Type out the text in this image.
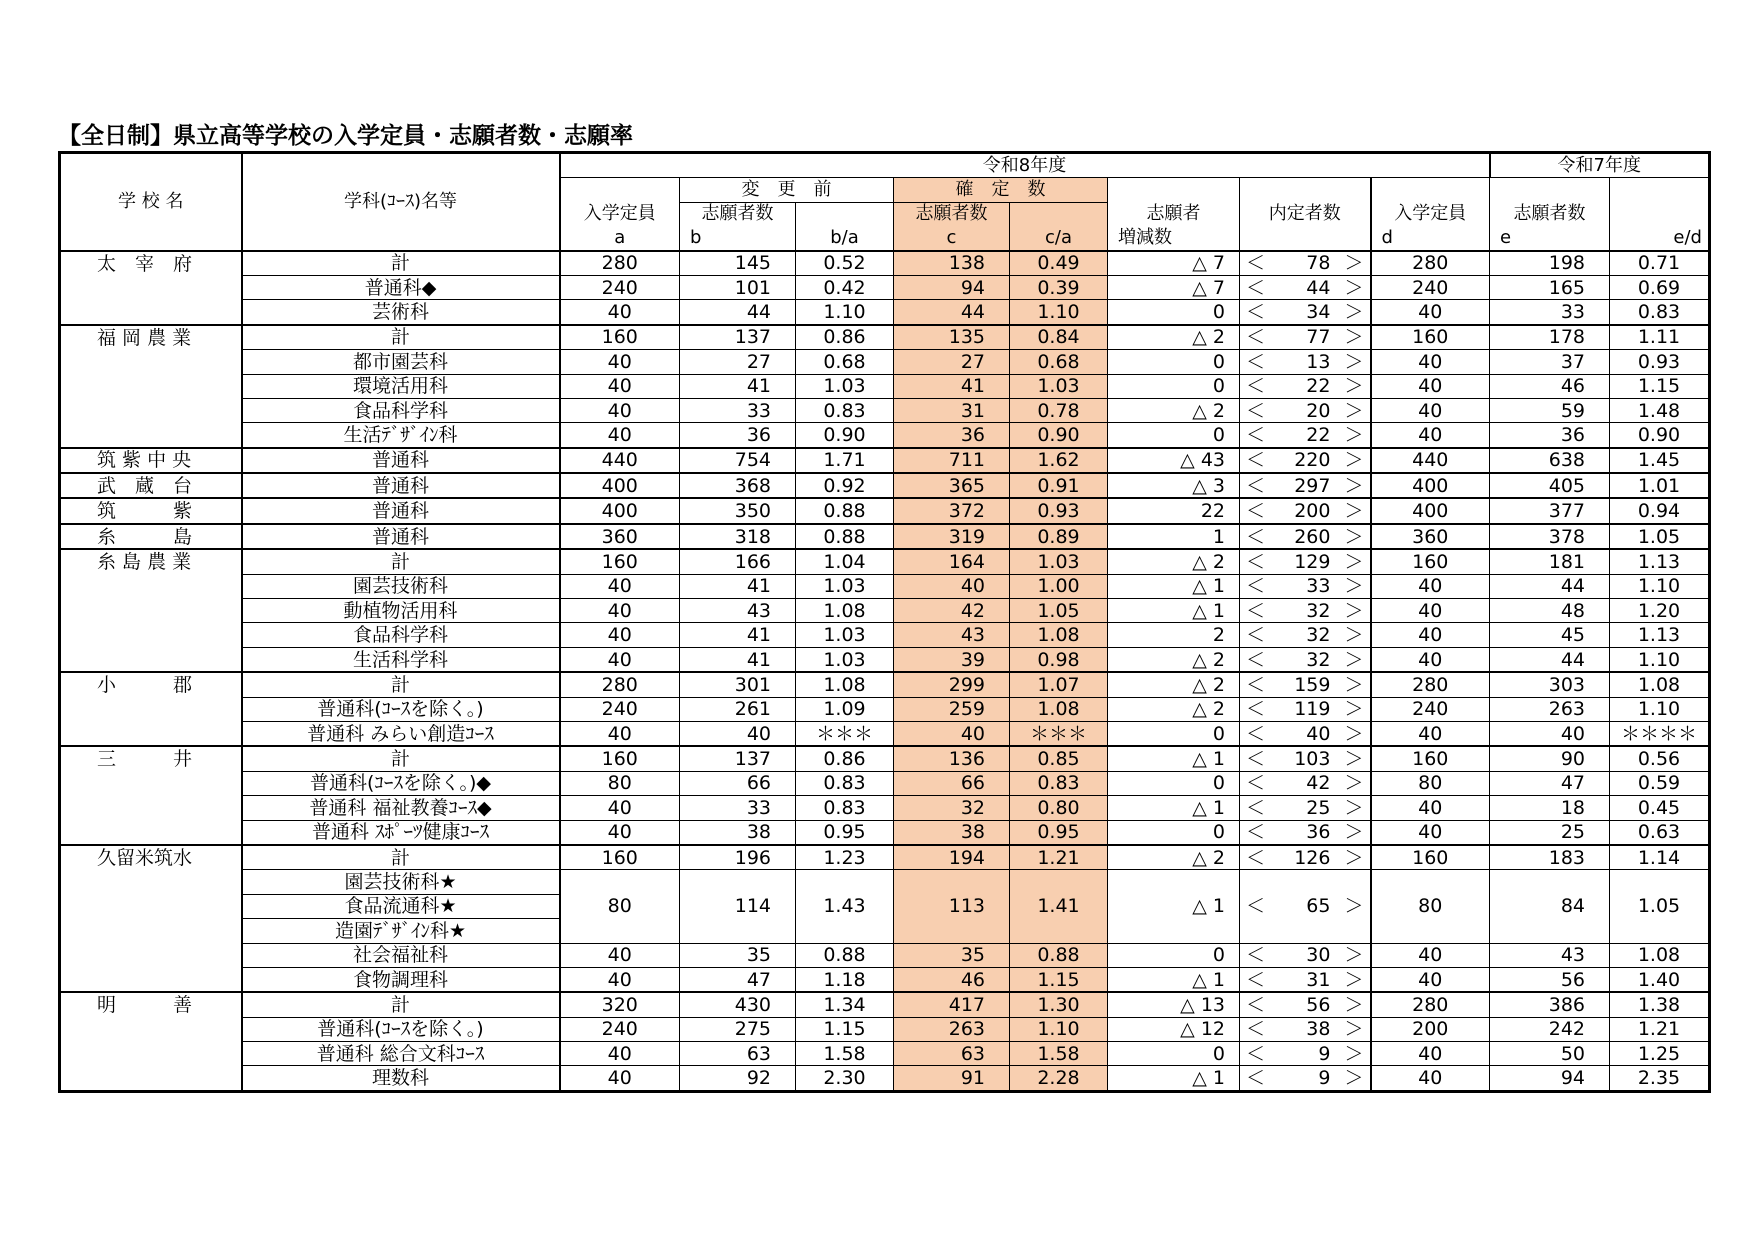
【全日制】県立高等学校の入学定員・志願者数・志願率
学 校 名	学科(ｺｰｽ)名等	令和8年度								令和7年度	
			変　更　前		確　定　数						
		入学定員	志願者数		志願者数		志願者	内定者数	入学定員	志願者数	
		a	b	b/a	c	c/a	増減数		d	e	e/d
太　宰　府	計	280	145	0.52	138	0.49	△ 7	＜ 78 ＞	280	198	0.71
	普通科◆	240	101	0.42	94	0.39	△ 7	＜ 44 ＞	240	165	0.69
	芸術科	40	44	1.10	44	1.10	0	＜ 34 ＞	40	33	0.83
福 岡 農 業	計	160	137	0.86	135	0.84	△ 2	＜ 77 ＞	160	178	1.11
	都市園芸科	40	27	0.68	27	0.68	0	＜ 13 ＞	40	37	0.93
	環境活用科	40	41	1.03	41	1.03	0	＜ 22 ＞	40	46	1.15
	食品科学科	40	33	0.83	31	0.78	△ 2	＜ 20 ＞	40	59	1.48
	生活ﾃﾞｻﾞｲﾝ科	40	36	0.90	36	0.90	0	＜ 22 ＞	40	36	0.90
筑 紫 中 央	普通科	440	754	1.71	711	1.62	△ 43	＜ 220 ＞	440	638	1.45
武　蔵　台	普通科	400	368	0.92	365	0.91	△ 3	＜ 297 ＞	400	405	1.01
筑　　　紫	普通科	400	350	0.88	372	0.93	22	＜ 200 ＞	400	377	0.94
糸　　　島	普通科	360	318	0.88	319	0.89	1	＜ 260 ＞	360	378	1.05
糸 島 農 業	計	160	166	1.04	164	1.03	△ 2	＜ 129 ＞	160	181	1.13
	園芸技術科	40	41	1.03	40	1.00	△ 1	＜ 33 ＞	40	44	1.10
	動植物活用科	40	43	1.08	42	1.05	△ 1	＜ 32 ＞	40	48	1.20
	食品科学科	40	41	1.03	43	1.08	2	＜ 32 ＞	40	45	1.13
	生活科学科	40	41	1.03	39	0.98	△ 2	＜ 32 ＞	40	44	1.10
小　　　郡	計	280	301	1.08	299	1.07	△ 2	＜ 159 ＞	280	303	1.08
	普通科(ｺｰｽを除く。)	240	261	1.09	259	1.08	△ 2	＜ 119 ＞	240	263	1.10
	普通科 みらい創造ｺｰｽ	40	40	＊＊＊	40	＊＊＊	0	＜ 40 ＞	40	40	＊＊＊＊
三　　　井	計	160	137	0.86	136	0.85	△ 1	＜ 103 ＞	160	90	0.56
	普通科(ｺｰｽを除く。)◆	80	66	0.83	66	0.83	0	＜ 42 ＞	80	47	0.59
	普通科 福祉教養ｺｰｽ◆	40	33	0.83	32	0.80	△ 1	＜ 25 ＞	40	18	0.45
	普通科 ｽﾎﾟｰﾂ健康ｺｰｽ	40	38	0.95	38	0.95	0	＜ 36 ＞	40	25	0.63
久留米筑水	計	160	196	1.23	194	1.21	△ 2	＜ 126 ＞	160	183	1.14
	園芸技術科★	80	114	1.43	113	1.41	△ 1	＜ 65 ＞	80	84	1.05
	食品流通科★										
	造園ﾃﾞｻﾞｲﾝ科★										
	社会福祉科	40	35	0.88	35	0.88	0	＜ 30 ＞	40	43	1.08
	食物調理科	40	47	1.18	46	1.15	△ 1	＜ 31 ＞	40	56	1.40
明　　　善	計	320	430	1.34	417	1.30	△ 13	＜ 56 ＞	280	386	1.38
	普通科(ｺｰｽを除く。)	240	275	1.15	263	1.10	△ 12	＜ 38 ＞	200	242	1.21
	普通科 総合文科ｺｰｽ	40	63	1.58	63	1.58	0	＜ 9 ＞	40	50	1.25
	理数科	40	92	2.30	91	2.28	△ 1	＜ 9 ＞	40	94	2.35
